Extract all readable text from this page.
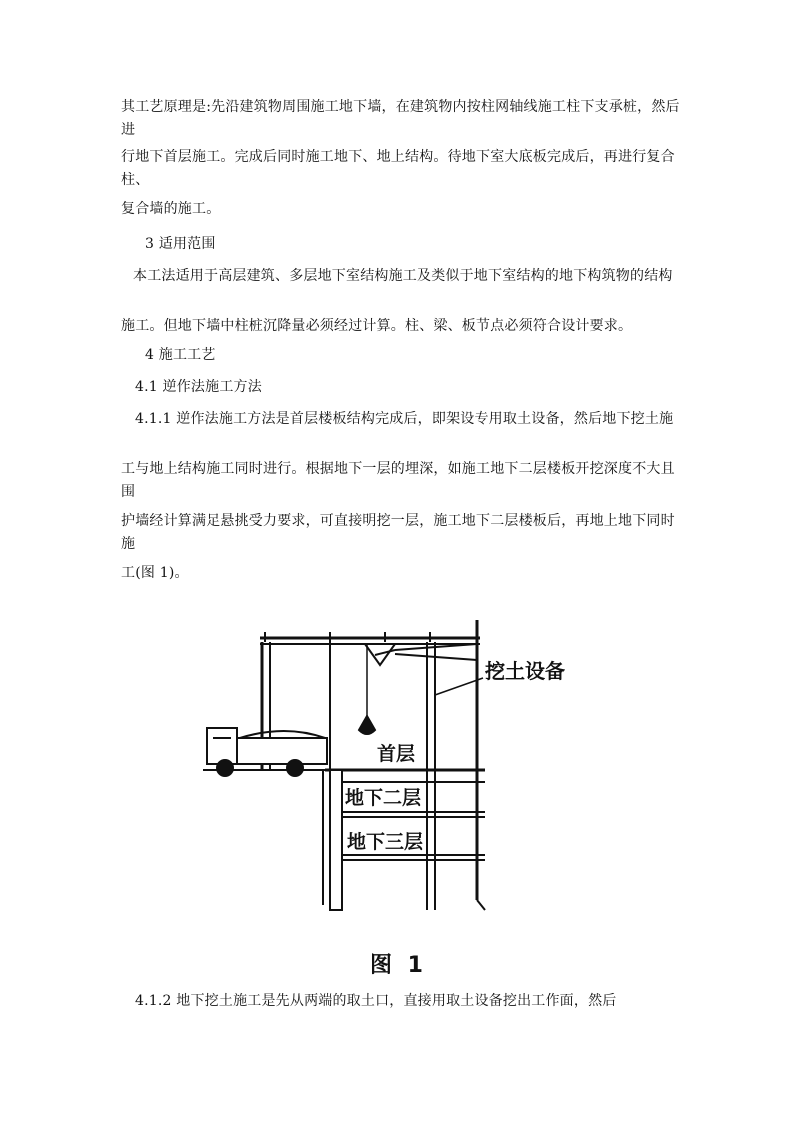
其工艺原理是:先沿建筑物周围施工地下墙，在建筑物内按柱网轴线施工柱下支承桩，然后进

行地下首层施工。完成后同时施工地下、地上结构。待地下室大底板完成后，再进行复合柱、

复合墙的施工。

3 适用范围

本工法适用于高层建筑、多层地下室结构施工及类似于地下室结构的地下构筑物的结构

施工。但地下墙中柱桩沉降量必须经过计算。柱、梁、板节点必须符合设计要求。

4 施工工艺

4.1 逆作法施工方法

4.1.1 逆作法施工方法是首层楼板结构完成后，即架设专用取土设备，然后地下挖土施

工与地上结构施工同时进行。根据地下一层的埋深，如施工地下二层楼板开挖深度不大且围

护墙经计算满足悬挑受力要求，可直接明挖一层，施工地下二层楼板后，再地上地下同时施

工(图 1)。

挖土设备
首层
地下二层
地下三层
图 1

4.1.2 地下挖土施工是先从两端的取土口，直接用取土设备挖出工作面，然后
